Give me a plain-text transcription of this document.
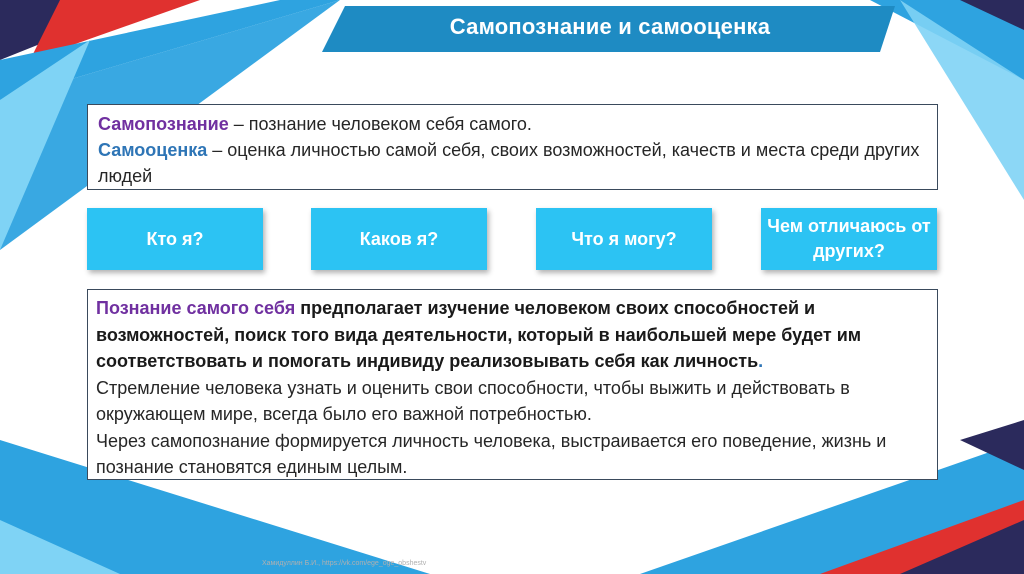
Самопознание и самооценка
Самопознание – познание человеком себя самого.
Самооценка – оценка личностью самой себя, своих возможностей, качеств и места среди других людей
Кто я?	Каков я?	Что я могу?
Чем отличаюсь от других?
Познание самого себя предполагает изучение человеком своих способностей и возможностей, поиск того вида деятельности, который в наибольшей мере будет им соответствовать и помогать индивиду реализовывать себя как личность.
Стремление человека узнать и оценить свои способности, чтобы выжить и действовать в окружающем мире, всегда было его важной потребностью.
Через самопознание формируется личность человека, выстраивается его поведение, жизнь и познание становятся единым целым.
Хамидуллин Б.И., https://vk.com/ege_oge_obshestv
